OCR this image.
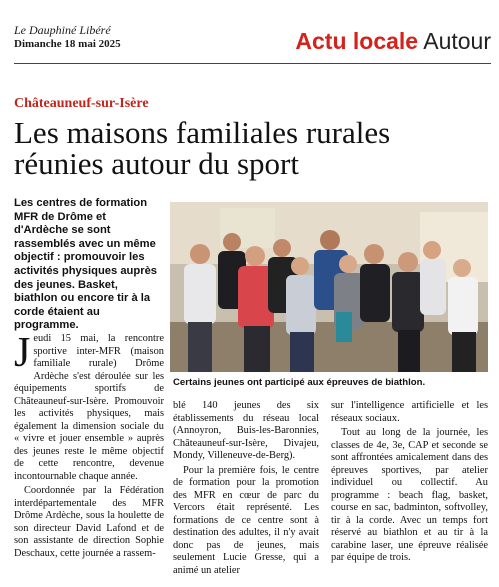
Le Dauphiné Libéré
Dimanche 18 mai 2025	Actu locale Autour
Châteauneuf-sur-Isère
Les maisons familiales rurales
réunies autour du sport
Les centres de formation MFR de Drôme et d'Ardèche se sont rassemblés avec un même objectif : promouvoir les activités physiques auprès des jeunes. Basket, biathlon ou encore tir à la corde étaient au programme.
Certains jeunes ont participé aux épreuves de biathlon.

Jeudi 15 mai, la rencontre sportive inter-MFR (maison familiale rurale) Drôme Ardèche s'est déroulée sur les équipements sportifs de Châteauneuf-sur-Isère. Promouvoir les activités physiques, mais également la dimension sociale du « vivre et jouer ensemble » auprès des jeunes reste le même objectif de cette rencontre, devenue incontournable chaque année.

Coordonnée par la Fédération interdépartementale des MFR Drôme Ardèche, sous la houlette de son directeur David Lafond et de son assistante de direction Sophie Deschaux, cette journée a rassem-

blé 140 jeunes des six établissements du réseau local (Annoyron, Buis-les-Baronnies, Châteauneuf-sur-Isère, Divajeu, Mondy, Villeneuve-de-Berg).

Pour la première fois, le centre de formation pour la promotion des MFR en cœur de parc du Vercors était représenté. Les formations de ce centre sont à destination des adultes, il n'y avait donc pas de jeunes, mais seulement Lucie Gresse, qui a animé un atelier

sur l'intelligence artificielle et les réseaux sociaux.

Tout au long de la journée, les classes de 4e, 3e, CAP et seconde se sont affrontées amicalement dans des épreuves sportives, par atelier individuel ou collectif. Au programme : beach flag, basket, course en sac, badminton, softvolley, tir à la corde. Avec un temps fort réservé au biathlon et au tir à la carabine laser, une épreuve réalisée par équipe de trois.
